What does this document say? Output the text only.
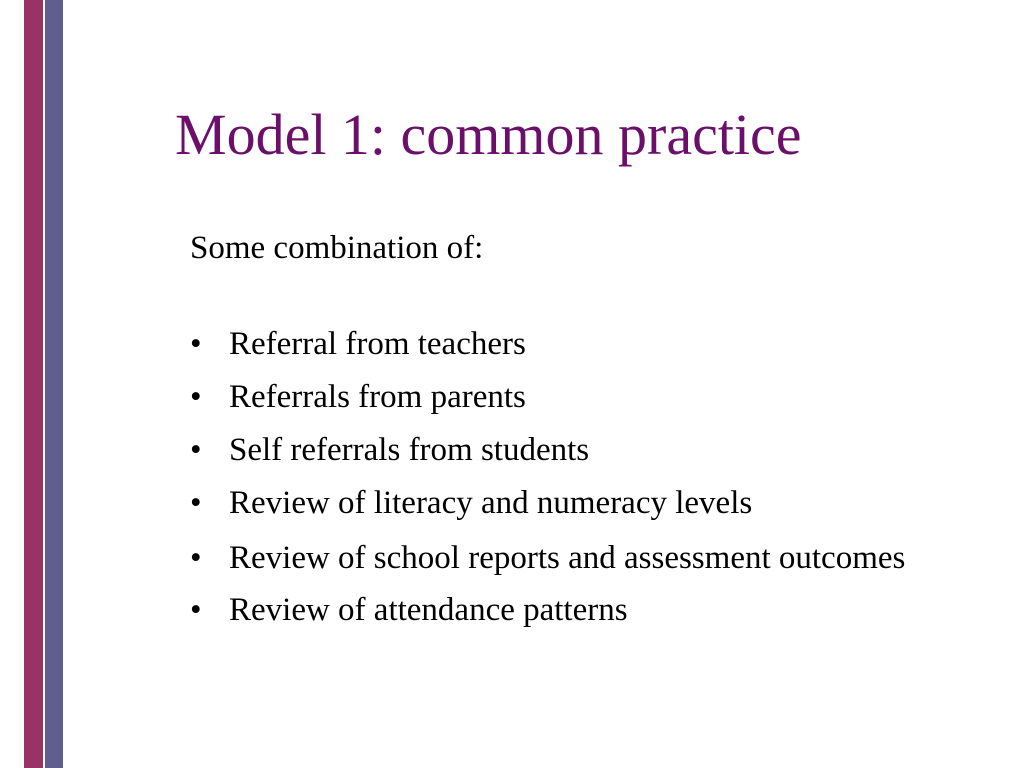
Model 1: common practice
Some combination of:
• Referral from teachers
• Referrals from parents
• Self referrals from students
• Review of literacy and numeracy levels
• Review of school reports and assessment outcomes
• Review of attendance patterns
